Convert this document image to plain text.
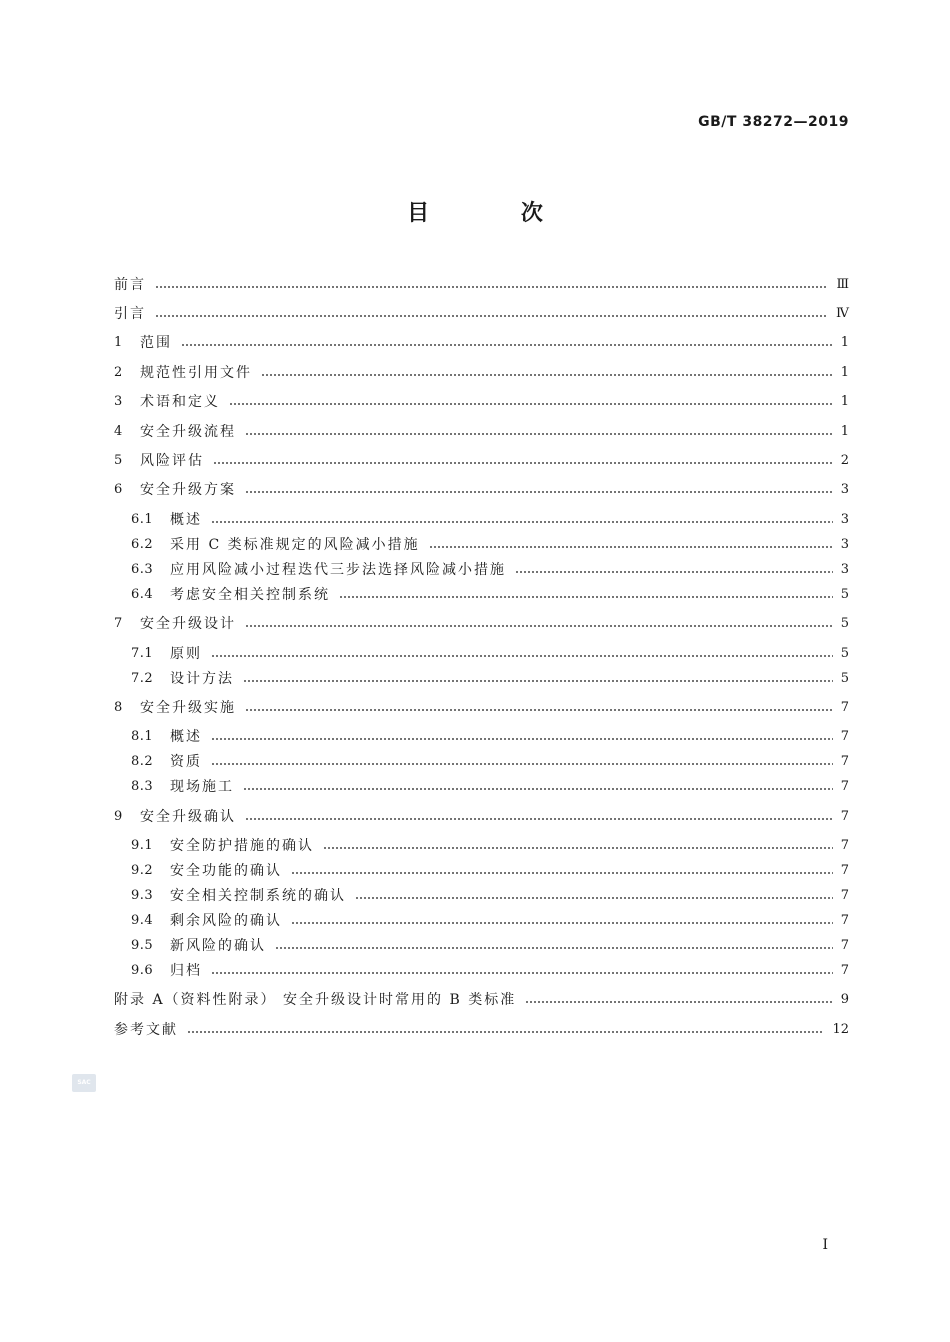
GB/T 38272—2019
目 次
前言	Ⅲ
引言	Ⅳ
1	范围	1
2	规范性引用文件	1
3	术语和定义	1
4	安全升级流程	1
5	风险评估	2
6	安全升级方案	3
6.1	概述	3
6.2	采用 C 类标准规定的风险减小措施	3
6.3	应用风险减小过程迭代三步法选择风险减小措施	3
6.4	考虑安全相关控制系统	5
7	安全升级设计	5
7.1	原则	5
7.2	设计方法	5
8	安全升级实施	7
8.1	概述	7
8.2	资质	7
8.3	现场施工	7
9	安全升级确认	7
9.1	安全防护措施的确认	7
9.2	安全功能的确认	7
9.3	安全相关控制系统的确认	7
9.4	剩余风险的确认	7
9.5	新风险的确认	7
9.6	归档	7
附录 A（资料性附录） 安全升级设计时常用的 B 类标准	9
参考文献	12
SAC
I
